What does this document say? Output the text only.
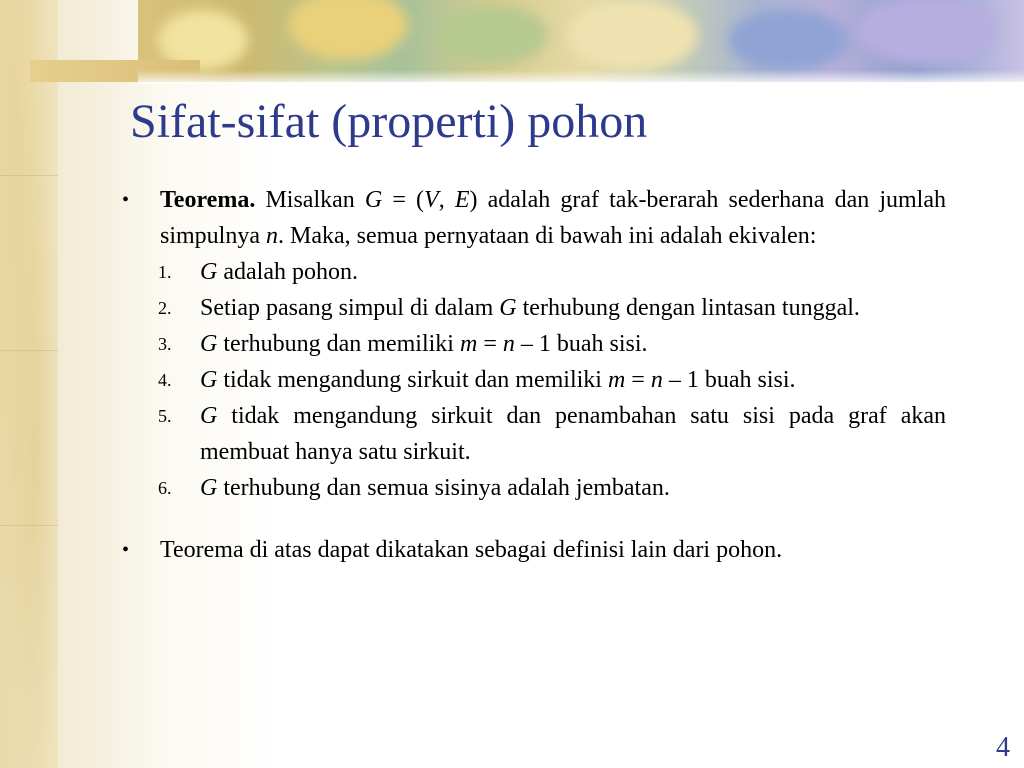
Sifat-sifat (properti) pohon
•	Teorema. Misalkan G = (V, E) adalah graf tak-berarah sederhana dan jumlah simpulnya n. Maka, semua pernyataan di bawah ini adalah ekivalen:
1.	G adalah pohon.
2.	Setiap pasang simpul di dalam G terhubung dengan lintasan tunggal.
3.	G terhubung dan memiliki m = n – 1 buah sisi.
4.	G tidak mengandung sirkuit dan memiliki m = n – 1 buah sisi.
5.	G tidak mengandung sirkuit dan penambahan satu sisi pada graf akan membuat hanya satu sirkuit.
6.	G terhubung dan semua sisinya adalah jembatan.
•	Teorema di atas dapat dikatakan sebagai definisi lain dari pohon.
4
